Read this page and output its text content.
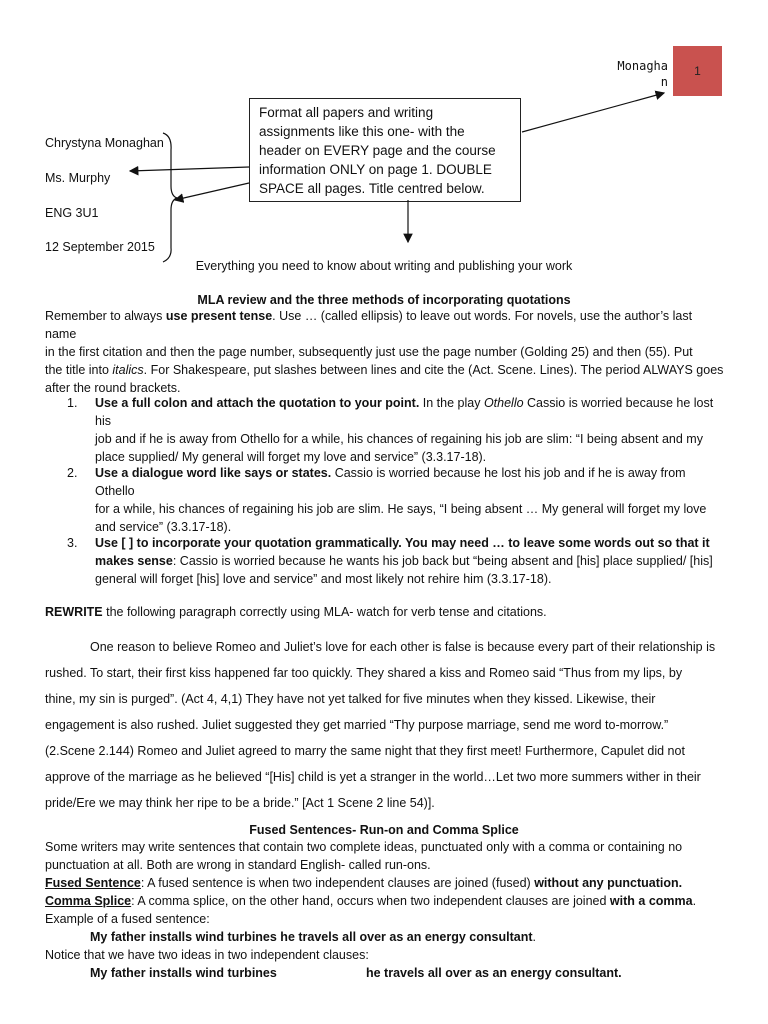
Monagha
n
1
Format all papers and writing
assignments like this one- with the
header on EVERY page and the course
information ONLY on page 1. DOUBLE
SPACE all pages. Title centred below.
Chrystyna Monaghan
Ms. Murphy
ENG 3U1
12 September 2015
Everything you need to know about writing and publishing your work
MLA review and the three methods of incorporating quotations
Remember to always use present tense. Use … (called ellipsis) to leave out words. For novels, use the author’s last name
in the first citation and then the page number, subsequently just use the page number (Golding 25) and then (55). Put
the title into italics. For Shakespeare, put slashes between lines and cite the (Act. Scene. Lines). The period ALWAYS goes
after the round brackets.
1. Use a full colon and attach the quotation to your point. In the play Othello Cassio is worried because he lost his
job and if he is away from Othello for a while, his chances of regaining his job are slim: “I being absent and my
place supplied/ My general will forget my love and service” (3.3.17-18).
2. Use a dialogue word like says or states. Cassio is worried because he lost his job and if he is away from Othello
for a while, his chances of regaining his job are slim. He says, “I being absent … My general will forget my love
and service” (3.3.17-18).
3. Use [ ] to incorporate your quotation grammatically. You may need … to leave some words out so that it
makes sense: Cassio is worried because he wants his job back but “being absent and [his] place supplied/ [his]
general will forget [his] love and service” and most likely not rehire him (3.3.17-18).
REWRITE the following paragraph correctly using MLA- watch for verb tense and citations.
One reason to believe Romeo and Juliet’s love for each other is false is because every part of their relationship is
rushed. To start, their first kiss happened far too quickly. They shared a kiss and Romeo said “Thus from my lips, by
thine, my sin is purged”. (Act 4, 4,1) They have not yet talked for five minutes when they kissed. Likewise, their
engagement is also rushed. Juliet suggested they get married “Thy purpose marriage, send me word to-morrow.”
(2.Scene 2.144) Romeo and Juliet agreed to marry the same night that they first meet! Furthermore, Capulet did not
approve of the marriage as he believed “[His] child is yet a stranger in the world…Let two more summers wither in their
pride/Ere we may think her ripe to be a bride.” [Act 1 Scene 2 line 54)].
Fused Sentences- Run-on and Comma Splice
Some writers may write sentences that contain two complete ideas, punctuated only with a comma or containing no
punctuation at all. Both are wrong in standard English- called run-ons.
Fused Sentence: A fused sentence is when two independent clauses are joined (fused) without any punctuation.
Comma Splice: A comma splice, on the other hand, occurs when two independent clauses are joined with a comma.
Example of a fused sentence:
My father installs wind turbines he travels all over as an energy consultant.
Notice that we have two ideas in two independent clauses:
My father installs wind turbines	he travels all over as an energy consultant.
